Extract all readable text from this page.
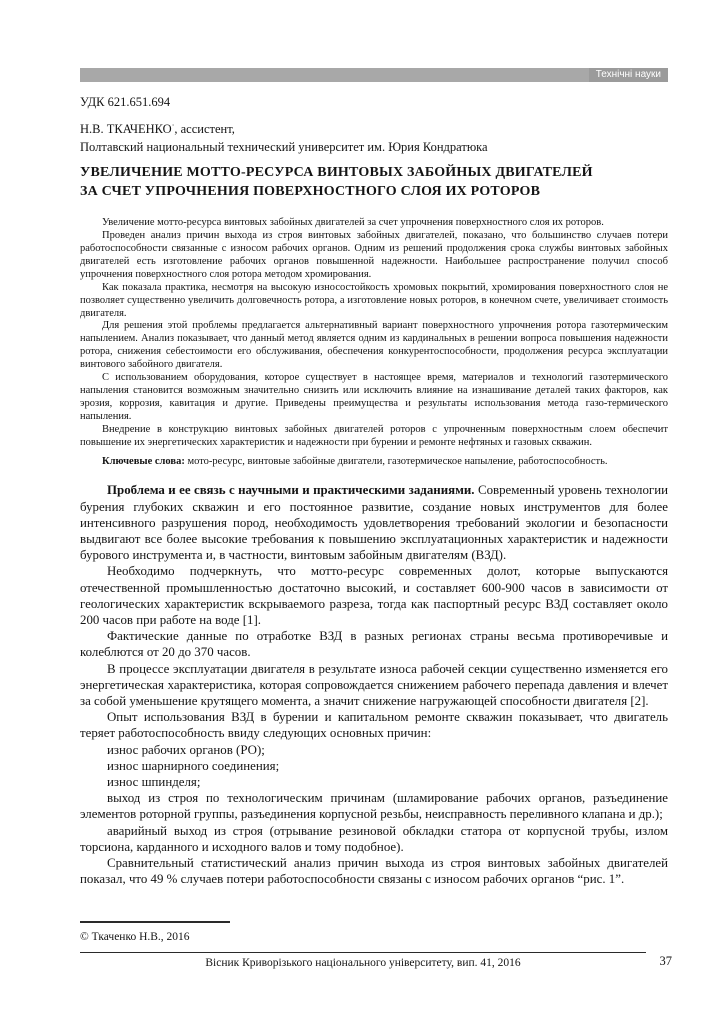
Технічні науки
УДК 621.651.694
Н.В. ТКАЧЕНКО·, ассистент,
Полтавский национальный технический университет им. Юрия Кондратюка
УВЕЛИЧЕНИЕ МОТТО-РЕСУРСА ВИНТОВЫХ ЗАБОЙНЫХ ДВИГАТЕЛЕЙ
ЗА СЧЕТ УПРОЧНЕНИЯ ПОВЕРХНОСТНОГО СЛОЯ ИХ РОТОРОВ

Увеличение мотто-ресурса винтовых забойных двигателей за счет упрочнения поверхностного слоя их роторов.

Проведен анализ причин выхода из строя винтовых забойных двигателей, показано, что большинство случаев потери работоспособности связанные с износом рабочих органов. Одним из решений продолжения срока службы винтовых забойных двигателей есть изготовление рабочих органов повышенной надежности. Наибольшее распространение получил способ упрочнения поверхностного слоя ротора методом хромирования.

Как показала практика, несмотря на высокую износостойкость хромовых покрытий, хромирования поверхностного слоя не позволяет существенно увеличить долговечность ротора, а изготовление новых роторов, в конечном счете, увеличивает стоимость двигателя.

Для решения этой проблемы предлагается альтернативный вариант поверхностного упрочнения ротора газотермическим напылением. Анализ показывает, что данный метод является одним из кардинальных в решении вопроса повышения надежности ротора, снижения себестоимости его обслуживания, обеспечения конкурентоспособности, продолжения ресурса эксплуатации винтового забойного двигателя.

С использованием оборудования, которое существует в настоящее время, материалов и технологий газотермического напыления становится возможным значительно снизить или исключить влияние на изнашивание деталей таких факторов, как эрозия, коррозия, кавитация и другие. Приведены преимущества и результаты использования метода газо-термического напыления.

Внедрение в конструкцию винтовых забойных двигателей роторов с упрочненным поверхностным слоем обеспечит повышение их энергетических характеристик и надежности при бурении и ремонте нефтяных и газовых скважин.

Ключевые слова: мото-ресурс, винтовые забойные двигатели, газотермическое напыление, работоспособность.

Проблема и ее связь с научными и практическими заданиями. Современный уровень технологии бурения глубоких скважин и его постоянное развитие, создание новых инструментов для более интенсивного разрушения пород, необходимость удовлетворения требований экологии и безопасности выдвигают все более высокие требования к повышению эксплуатационных характеристик и надежности бурового инструмента и, в частности, винтовым забойным двигателям (ВЗД).

Необходимо подчеркнуть, что мотто-ресурс современных долот, которые выпускаются отечественной промышленностью достаточно высокий, и составляет 600-900 часов в зависимости от геологических характеристик вскрываемого разреза, тогда как паспортный ресурс ВЗД составляет около 200 часов при работе на воде [1].

Фактические данные по отработке ВЗД в разных регионах страны весьма противоречивые и колеблются от 20 до 370 часов.

В процессе эксплуатации двигателя в результате износа рабочей секции существенно изменяется его энергетическая характеристика, которая сопровождается снижением рабочего перепада давления и влечет за собой уменьшение крутящего момента, а значит снижение нагружающей способности двигателя [2].

Опыт использования ВЗД в бурении и капитальном ремонте скважин показывает, что двигатель теряет работоспособность ввиду следующих основных причин:

износ рабочих органов (РО);

износ шарнирного соединения;

износ шпинделя;

выход из строя по технологическим причинам (шламирование рабочих органов, разъединение элементов роторной группы, разъединения корпусной резьбы, неисправность переливного клапана и др.);

аварийный выход из строя (отрывание резиновой обкладки статора от корпусной трубы, излом торсиона, карданного и исходного валов и тому подобное).

Сравнительный статистический анализ причин выхода из строя винтовых забойных двигателей показал, что 49 % случаев потери работоспособности связаны с износом рабочих органов “рис. 1”.

© Ткаченко Н.В., 2016
Вісник Криворізького національного університету, вип. 41, 2016	37
